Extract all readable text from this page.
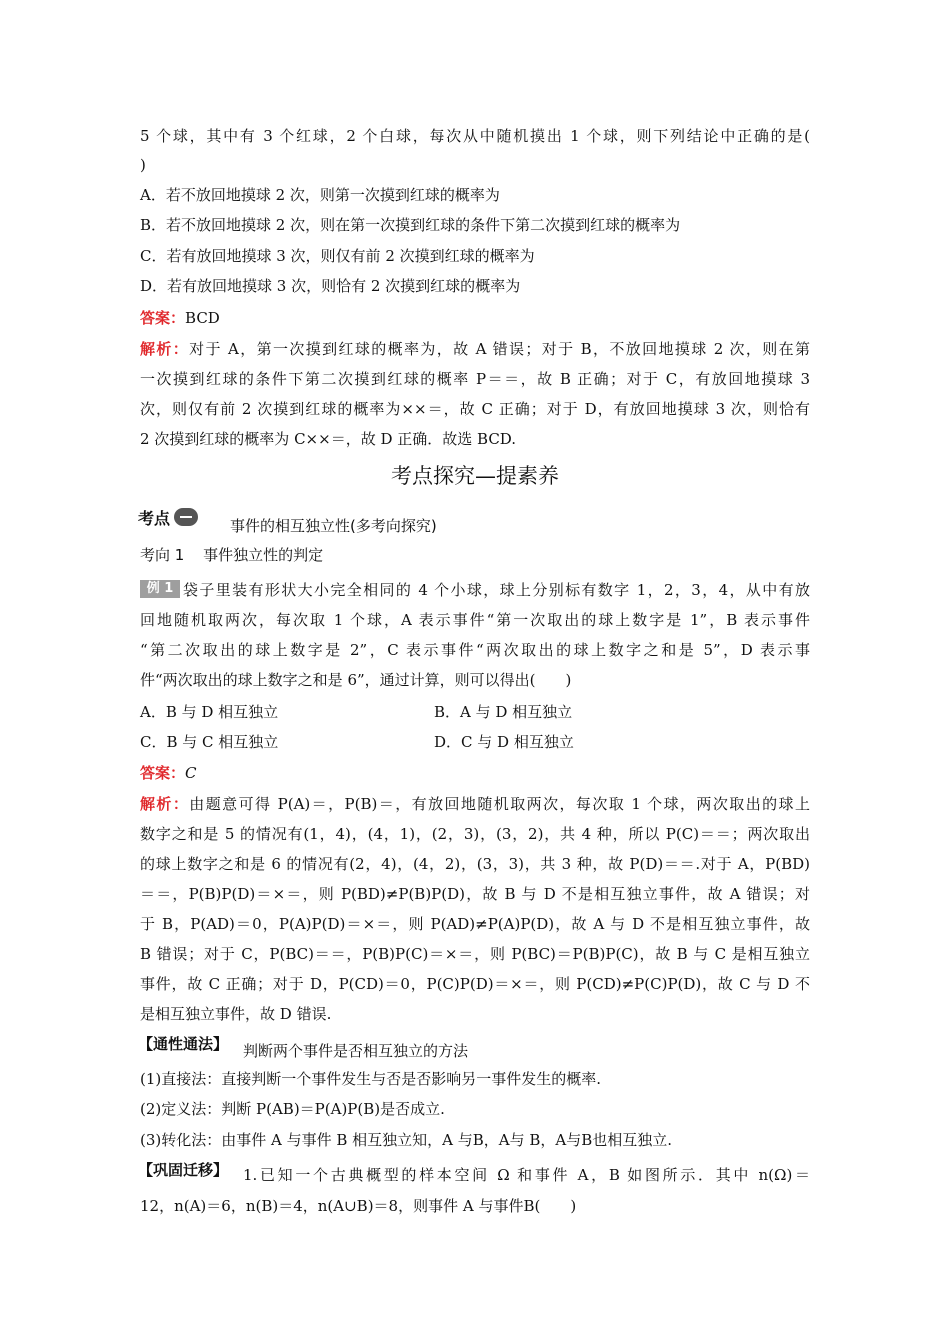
5 个球，其中有 3 个红球，2 个白球，每次从中随机摸出 1 个球，则下列结论中正确的是(
)
A．若不放回地摸球 2 次，则第一次摸到红球的概率为
B．若不放回地摸球 2 次，则在第一次摸到红球的条件下第二次摸到红球的概率为
C．若有放回地摸球 3 次，则仅有前 2 次摸到红球的概率为
D．若有放回地摸球 3 次，则恰有 2 次摸到红球的概率为
答案：BCD
解析：对于 A，第一次摸到红球的概率为，故 A 错误；对于 B，不放回地摸球 2 次，则在第
一次摸到红球的条件下第二次摸到红球的概率 P＝＝，故 B 正确；对于 C，有放回地摸球 3
次，则仅有前 2 次摸到红球的概率为××＝，故 C 正确；对于 D，有放回地摸球 3 次，则恰有
2 次摸到红球的概率为 C××＝，故 D 正确．故选 BCD.
考点探究—提素养
考点	事件的相互独立性(多考向探究)
考向 1 事件独立性的判定
例 1 袋子里装有形状大小完全相同的 4 个小球，球上分别标有数字 1，2，3，4，从中有放
回地随机取两次，每次取 1 个球，A 表示事件“第一次取出的球上数字是 1”，B 表示事件
“第二次取出的球上数字是 2”，C 表示事件“两次取出的球上数字之和是 5”，D 表示事
件“两次取出的球上数字之和是 6”，通过计算，则可以得出(　　)
A．B 与 D 相互独立	B．A 与 D 相互独立
C．B 与 C 相互独立	D．C 与 D 相互独立
答案：C
解析：由题意可得 P(A)＝，P(B)＝，有放回地随机取两次，每次取 1 个球，两次取出的球上
数字之和是 5 的情况有(1，4)，(4，1)，(2，3)，(3，2)，共 4 种，所以 P(C)＝＝；两次取出
的球上数字之和是 6 的情况有(2，4)，(4，2)，(3，3)，共 3 种，故 P(D)＝＝.对于 A，P(BD)
＝＝，P(B)P(D)＝×＝，则 P(BD)≠P(B)P(D)，故 B 与 D 不是相互独立事件，故 A 错误；对
于 B，P(AD)＝0，P(A)P(D)＝×＝，则 P(AD)≠P(A)P(D)，故 A 与 D 不是相互独立事件，故
B 错误；对于 C，P(BC)＝＝，P(B)P(C)＝×＝，则 P(BC)＝P(B)P(C)，故 B 与 C 是相互独立
事件，故 C 正确；对于 D，P(CD)＝0，P(C)P(D)＝×＝，则 P(CD)≠P(C)P(D)，故 C 与 D 不
是相互独立事件，故 D 错误.
【通性通法】 判断两个事件是否相互独立的方法
(1)直接法：直接判断一个事件发生与否是否影响另一事件发生的概率.
(2)定义法：判断 P(AB)＝P(A)P(B)是否成立.
(3)转化法：由事件 A 与事件 B 相互独立知，A 与B，A与 B，A与B也相互独立.
【巩固迁移】 1.已知一个古典概型的样本空间 Ω 和事件 A，B 如图所示．其中 n(Ω)＝
12，n(A)＝6，n(B)＝4，n(A∪B)＝8，则事件 A 与事件B(　　)
